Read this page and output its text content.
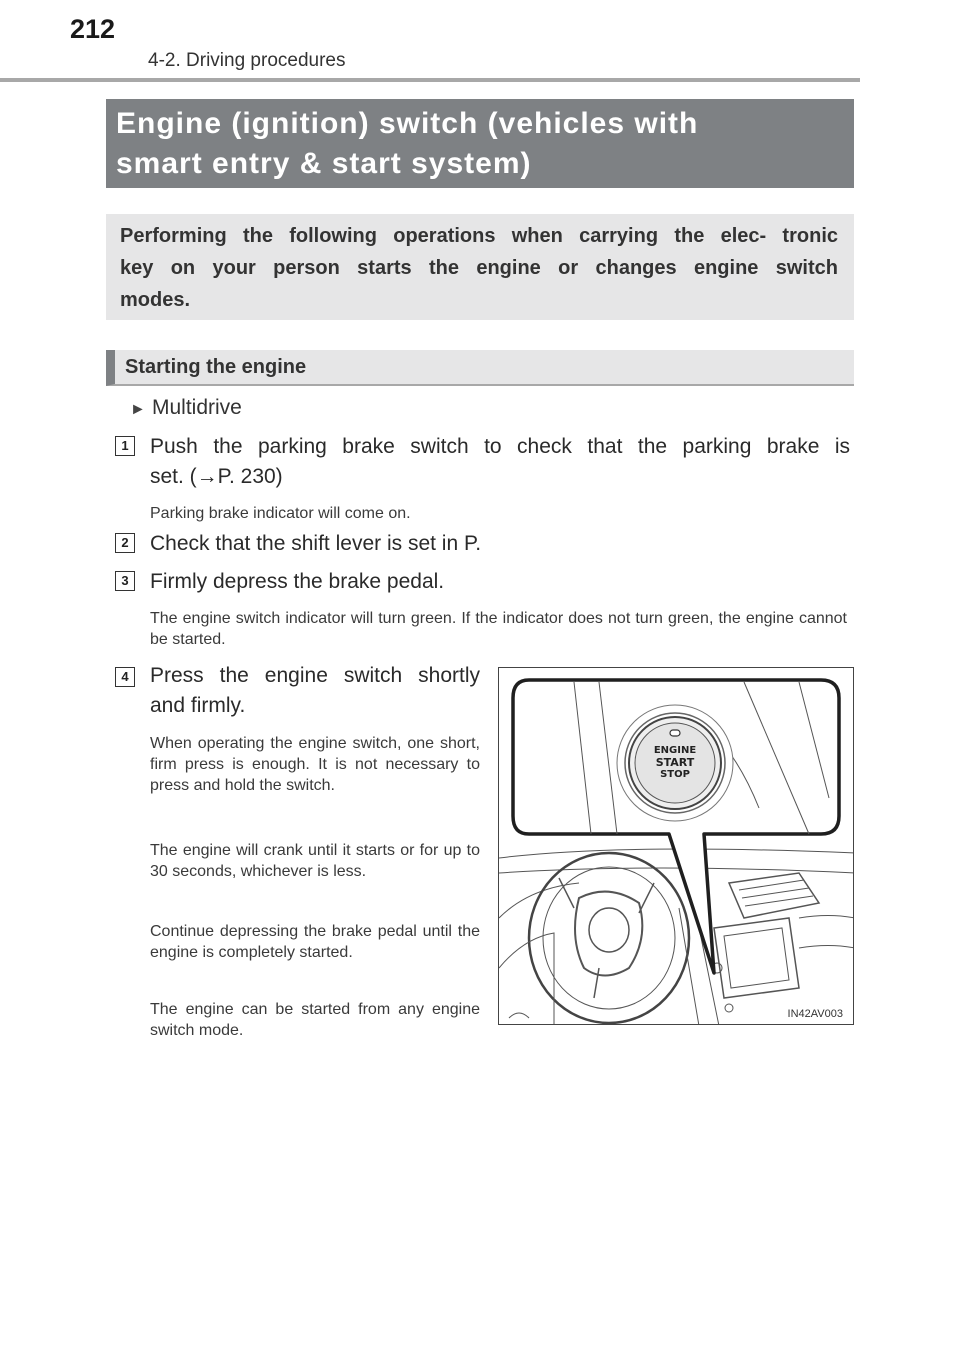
212
4-2. Driving procedures
Engine (ignition) switch (vehicles with
smart entry & start system)
Performing the following operations when carrying the elec- tronic key on your person starts the engine or changes engine switch modes.
Starting the engine
► Multidrive
1	Push the parking brake switch to check that the parking brake is
set. (→P. 230)
Parking brake indicator will come on.
2	Check that the shift lever is set in P.
3	Firmly depress the brake pedal.
The engine switch indicator will turn green. If the indicator does not turn green, the engine cannot be started.
4	Press the engine switch shortly
and firmly.
When operating the engine switch, one short, firm press is enough. It is not necessary to press and hold the switch.
The engine will crank until it starts or for up to 30 seconds, whichever is less.
Continue depressing the brake pedal until the engine is completely started.
The engine can be started from any engine switch mode.
ENGINE
START
STOP
IN42AV003
